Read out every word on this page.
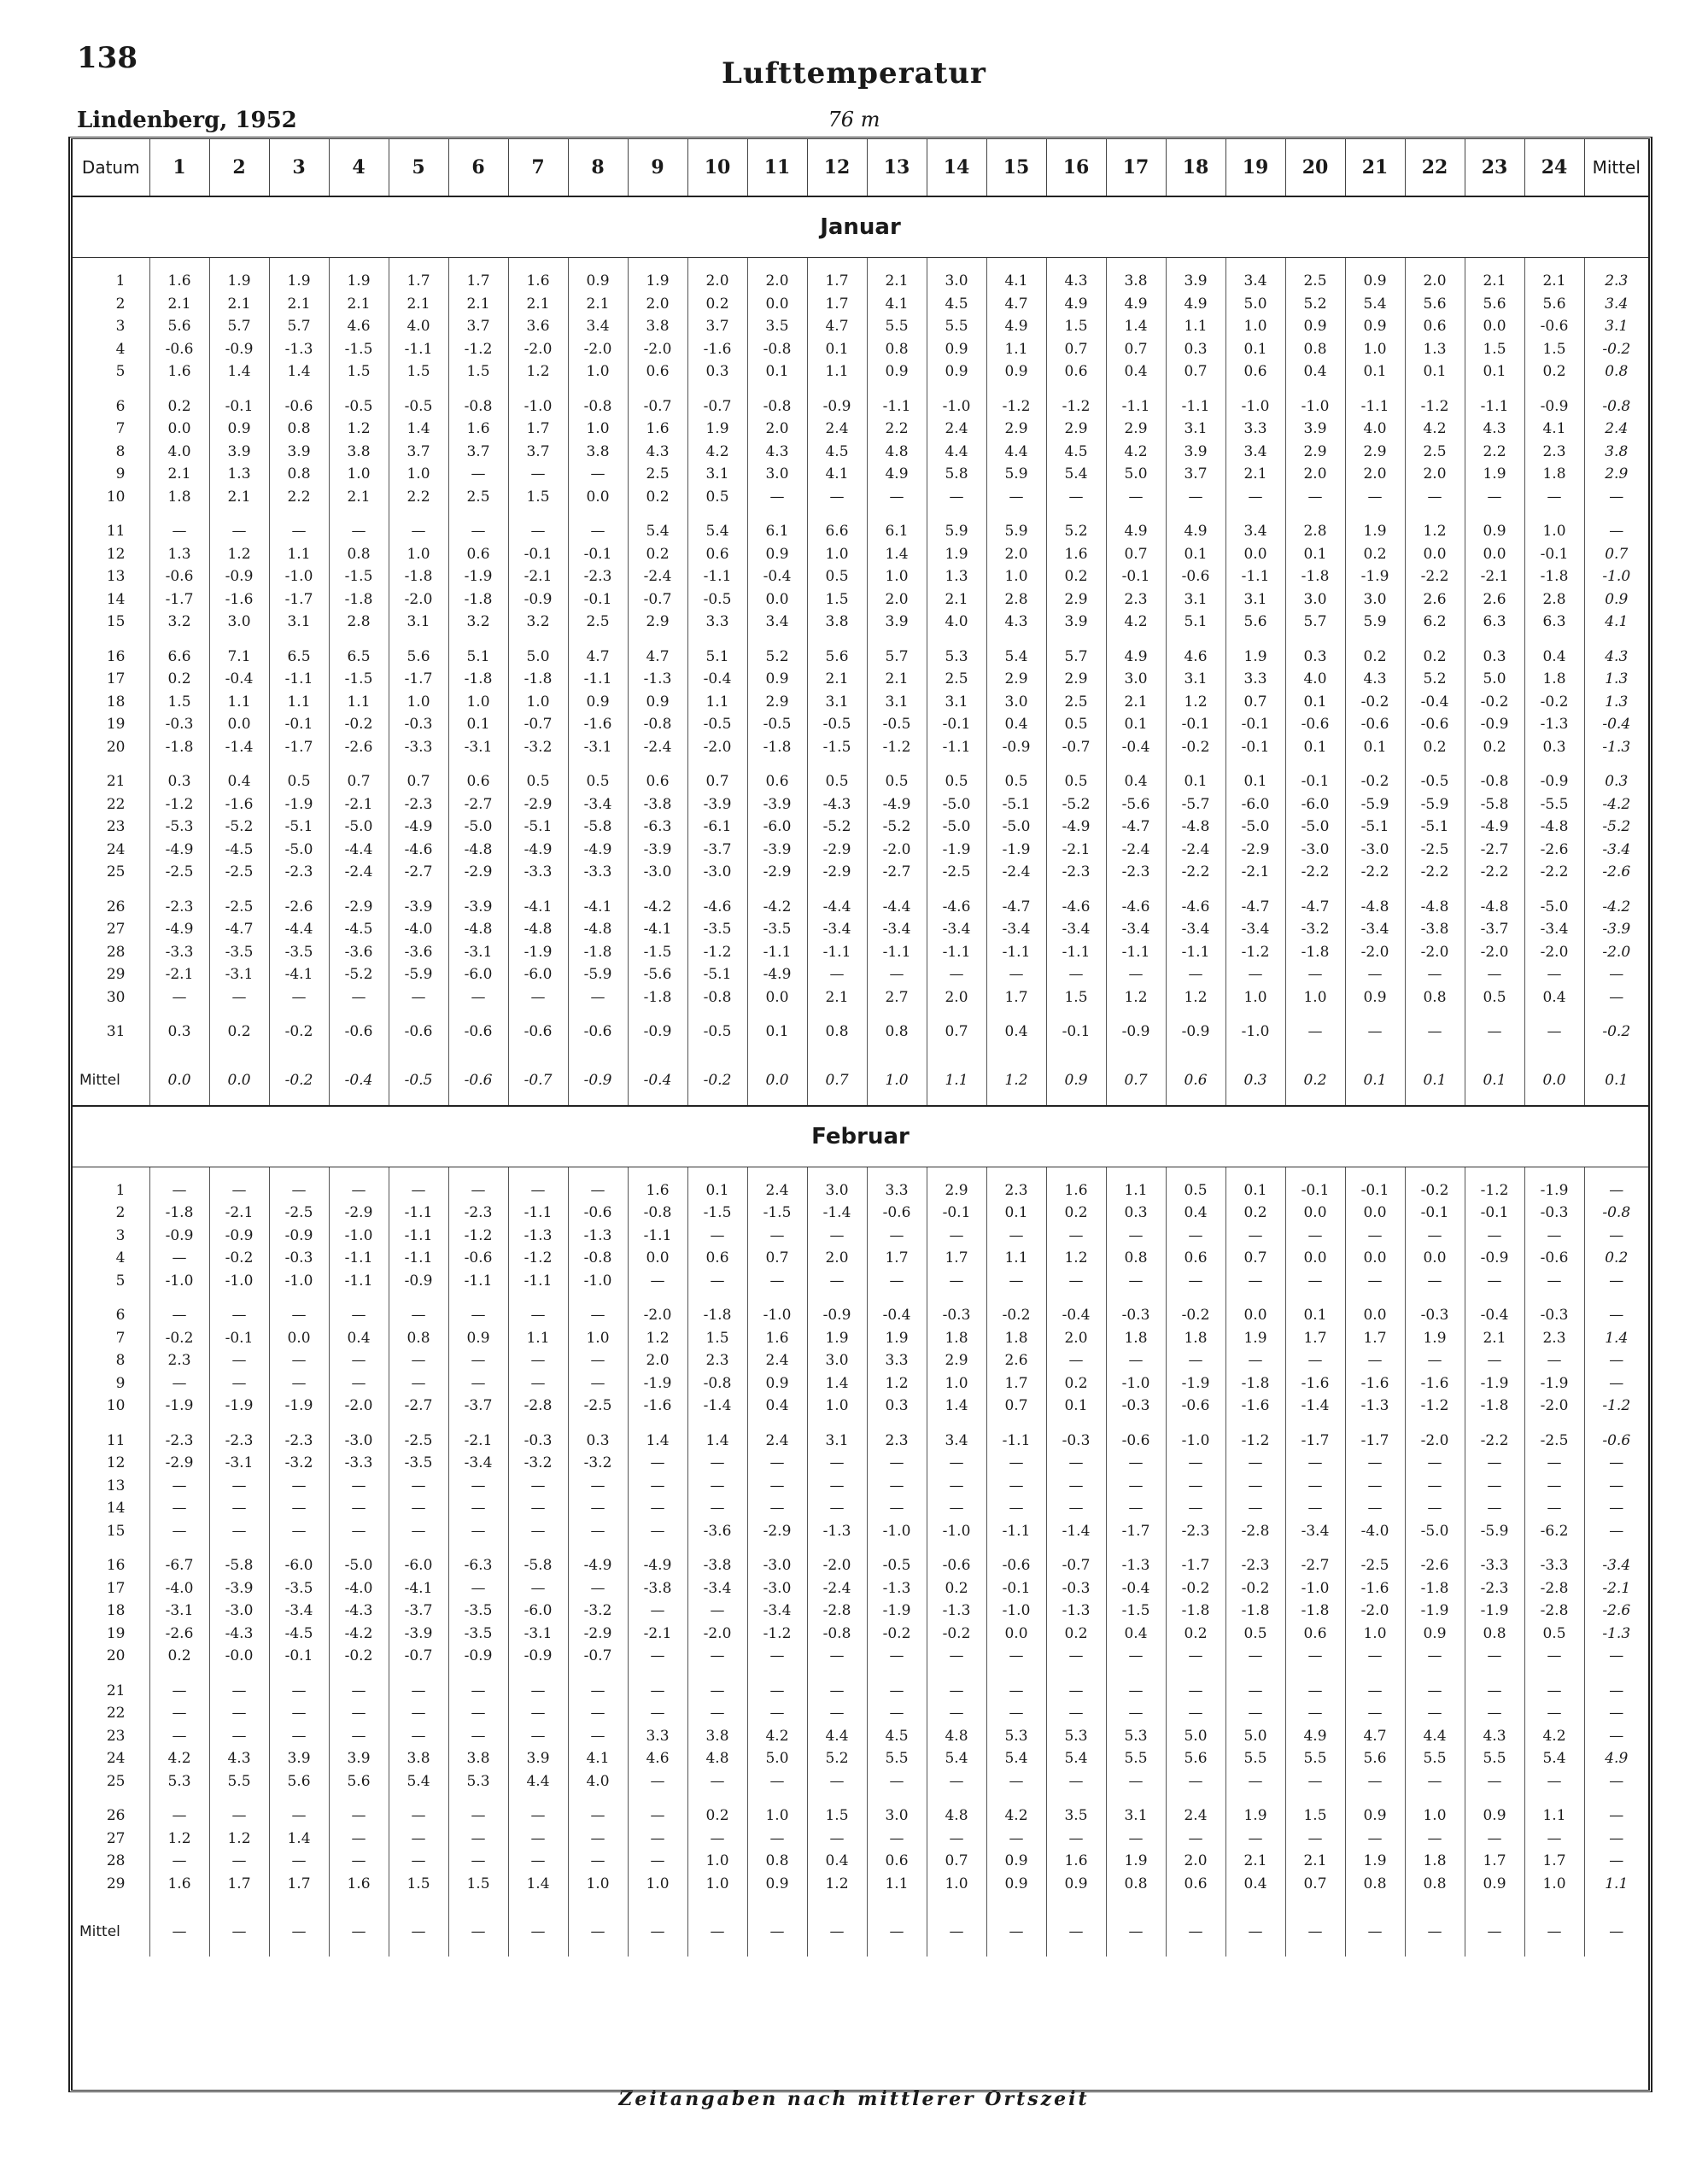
138	Lufttemperatur
Lindenberg, 1952	76 m
Datum	1	2	3	4	5	6	7	8	9	10	11	12	13	14	15	16	17	18	19	20	21	22	23	24	Mittel
Januar																									

1	1.6	1.9	1.9	1.9	1.7	1.7	1.6	0.9	1.9	2.0	2.0	1.7	2.1	3.0	4.1	4.3	3.8	3.9	3.4	2.5	0.9	2.0	2.1	2.1	2.3
2	2.1	2.1	2.1	2.1	2.1	2.1	2.1	2.1	2.0	0.2	0.0	1.7	4.1	4.5	4.7	4.9	4.9	4.9	5.0	5.2	5.4	5.6	5.6	5.6	3.4
3	5.6	5.7	5.7	4.6	4.0	3.7	3.6	3.4	3.8	3.7	3.5	4.7	5.5	5.5	4.9	1.5	1.4	1.1	1.0	0.9	0.9	0.6	0.0	-0.6	3.1
4	-0.6	-0.9	-1.3	-1.5	-1.1	-1.2	-2.0	-2.0	-2.0	-1.6	-0.8	0.1	0.8	0.9	1.1	0.7	0.7	0.3	0.1	0.8	1.0	1.3	1.5	1.5	-0.2
5	1.6	1.4	1.4	1.5	1.5	1.5	1.2	1.0	0.6	0.3	0.1	1.1	0.9	0.9	0.9	0.6	0.4	0.7	0.6	0.4	0.1	0.1	0.1	0.2	0.8

6	0.2	-0.1	-0.6	-0.5	-0.5	-0.8	-1.0	-0.8	-0.7	-0.7	-0.8	-0.9	-1.1	-1.0	-1.2	-1.2	-1.1	-1.1	-1.0	-1.0	-1.1	-1.2	-1.1	-0.9	-0.8
7	0.0	0.9	0.8	1.2	1.4	1.6	1.7	1.0	1.6	1.9	2.0	2.4	2.2	2.4	2.9	2.9	2.9	3.1	3.3	3.9	4.0	4.2	4.3	4.1	2.4
8	4.0	3.9	3.9	3.8	3.7	3.7	3.7	3.8	4.3	4.2	4.3	4.5	4.8	4.4	4.4	4.5	4.2	3.9	3.4	2.9	2.9	2.5	2.2	2.3	3.8
9	2.1	1.3	0.8	1.0	1.0	—	—	—	2.5	3.1	3.0	4.1	4.9	5.8	5.9	5.4	5.0	3.7	2.1	2.0	2.0	2.0	1.9	1.8	2.9
10	1.8	2.1	2.2	2.1	2.2	2.5	1.5	0.0	0.2	0.5	—	—	—	—	—	—	—	—	—	—	—	—	—	—	—

11	—	—	—	—	—	—	—	—	5.4	5.4	6.1	6.6	6.1	5.9	5.9	5.2	4.9	4.9	3.4	2.8	1.9	1.2	0.9	1.0	—
12	1.3	1.2	1.1	0.8	1.0	0.6	-0.1	-0.1	0.2	0.6	0.9	1.0	1.4	1.9	2.0	1.6	0.7	0.1	0.0	0.1	0.2	0.0	0.0	-0.1	0.7
13	-0.6	-0.9	-1.0	-1.5	-1.8	-1.9	-2.1	-2.3	-2.4	-1.1	-0.4	0.5	1.0	1.3	1.0	0.2	-0.1	-0.6	-1.1	-1.8	-1.9	-2.2	-2.1	-1.8	-1.0
14	-1.7	-1.6	-1.7	-1.8	-2.0	-1.8	-0.9	-0.1	-0.7	-0.5	0.0	1.5	2.0	2.1	2.8	2.9	2.3	3.1	3.1	3.0	3.0	2.6	2.6	2.8	0.9
15	3.2	3.0	3.1	2.8	3.1	3.2	3.2	2.5	2.9	3.3	3.4	3.8	3.9	4.0	4.3	3.9	4.2	5.1	5.6	5.7	5.9	6.2	6.3	6.3	4.1

16	6.6	7.1	6.5	6.5	5.6	5.1	5.0	4.7	4.7	5.1	5.2	5.6	5.7	5.3	5.4	5.7	4.9	4.6	1.9	0.3	0.2	0.2	0.3	0.4	4.3
17	0.2	-0.4	-1.1	-1.5	-1.7	-1.8	-1.8	-1.1	-1.3	-0.4	0.9	2.1	2.1	2.5	2.9	2.9	3.0	3.1	3.3	4.0	4.3	5.2	5.0	1.8	1.3
18	1.5	1.1	1.1	1.1	1.0	1.0	1.0	0.9	0.9	1.1	2.9	3.1	3.1	3.1	3.0	2.5	2.1	1.2	0.7	0.1	-0.2	-0.4	-0.2	-0.2	1.3
19	-0.3	0.0	-0.1	-0.2	-0.3	0.1	-0.7	-1.6	-0.8	-0.5	-0.5	-0.5	-0.5	-0.1	0.4	0.5	0.1	-0.1	-0.1	-0.6	-0.6	-0.6	-0.9	-1.3	-0.4
20	-1.8	-1.4	-1.7	-2.6	-3.3	-3.1	-3.2	-3.1	-2.4	-2.0	-1.8	-1.5	-1.2	-1.1	-0.9	-0.7	-0.4	-0.2	-0.1	0.1	0.1	0.2	0.2	0.3	-1.3

21	0.3	0.4	0.5	0.7	0.7	0.6	0.5	0.5	0.6	0.7	0.6	0.5	0.5	0.5	0.5	0.5	0.4	0.1	0.1	-0.1	-0.2	-0.5	-0.8	-0.9	0.3
22	-1.2	-1.6	-1.9	-2.1	-2.3	-2.7	-2.9	-3.4	-3.8	-3.9	-3.9	-4.3	-4.9	-5.0	-5.1	-5.2	-5.6	-5.7	-6.0	-6.0	-5.9	-5.9	-5.8	-5.5	-4.2
23	-5.3	-5.2	-5.1	-5.0	-4.9	-5.0	-5.1	-5.8	-6.3	-6.1	-6.0	-5.2	-5.2	-5.0	-5.0	-4.9	-4.7	-4.8	-5.0	-5.0	-5.1	-5.1	-4.9	-4.8	-5.2
24	-4.9	-4.5	-5.0	-4.4	-4.6	-4.8	-4.9	-4.9	-3.9	-3.7	-3.9	-2.9	-2.0	-1.9	-1.9	-2.1	-2.4	-2.4	-2.9	-3.0	-3.0	-2.5	-2.7	-2.6	-3.4
25	-2.5	-2.5	-2.3	-2.4	-2.7	-2.9	-3.3	-3.3	-3.0	-3.0	-2.9	-2.9	-2.7	-2.5	-2.4	-2.3	-2.3	-2.2	-2.1	-2.2	-2.2	-2.2	-2.2	-2.2	-2.6

26	-2.3	-2.5	-2.6	-2.9	-3.9	-3.9	-4.1	-4.1	-4.2	-4.6	-4.2	-4.4	-4.4	-4.6	-4.7	-4.6	-4.6	-4.6	-4.7	-4.7	-4.8	-4.8	-4.8	-5.0	-4.2
27	-4.9	-4.7	-4.4	-4.5	-4.0	-4.8	-4.8	-4.8	-4.1	-3.5	-3.5	-3.4	-3.4	-3.4	-3.4	-3.4	-3.4	-3.4	-3.4	-3.2	-3.4	-3.8	-3.7	-3.4	-3.9
28	-3.3	-3.5	-3.5	-3.6	-3.6	-3.1	-1.9	-1.8	-1.5	-1.2	-1.1	-1.1	-1.1	-1.1	-1.1	-1.1	-1.1	-1.1	-1.2	-1.8	-2.0	-2.0	-2.0	-2.0	-2.0
29	-2.1	-3.1	-4.1	-5.2	-5.9	-6.0	-6.0	-5.9	-5.6	-5.1	-4.9	—	—	—	—	—	—	—	—	—	—	—	—	—	—
30	—	—	—	—	—	—	—	—	-1.8	-0.8	0.0	2.1	2.7	2.0	1.7	1.5	1.2	1.2	1.0	1.0	0.9	0.8	0.5	0.4	—

31	0.3	0.2	-0.2	-0.6	-0.6	-0.6	-0.6	-0.6	-0.9	-0.5	0.1	0.8	0.8	0.7	0.4	-0.1	-0.9	-0.9	-1.0	—	—	—	—	—	-0.2

Mittel	0.0	0.0	-0.2	-0.4	-0.5	-0.6	-0.7	-0.9	-0.4	-0.2	0.0	0.7	1.0	1.1	1.2	0.9	0.7	0.6	0.3	0.2	0.1	0.1	0.1	0.0	0.1
Februar																									

1	—	—	—	—	—	—	—	—	1.6	0.1	2.4	3.0	3.3	2.9	2.3	1.6	1.1	0.5	0.1	-0.1	-0.1	-0.2	-1.2	-1.9	—
2	-1.8	-2.1	-2.5	-2.9	-1.1	-2.3	-1.1	-0.6	-0.8	-1.5	-1.5	-1.4	-0.6	-0.1	0.1	0.2	0.3	0.4	0.2	0.0	0.0	-0.1	-0.1	-0.3	-0.8
3	-0.9	-0.9	-0.9	-1.0	-1.1	-1.2	-1.3	-1.3	-1.1	—	—	—	—	—	—	—	—	—	—	—	—	—	—	—	—
4	—	-0.2	-0.3	-1.1	-1.1	-0.6	-1.2	-0.8	0.0	0.6	0.7	2.0	1.7	1.7	1.1	1.2	0.8	0.6	0.7	0.0	0.0	0.0	-0.9	-0.6	0.2
5	-1.0	-1.0	-1.0	-1.1	-0.9	-1.1	-1.1	-1.0	—	—	—	—	—	—	—	—	—	—	—	—	—	—	—	—	—

6	—	—	—	—	—	—	—	—	-2.0	-1.8	-1.0	-0.9	-0.4	-0.3	-0.2	-0.4	-0.3	-0.2	0.0	0.1	0.0	-0.3	-0.4	-0.3	—
7	-0.2	-0.1	0.0	0.4	0.8	0.9	1.1	1.0	1.2	1.5	1.6	1.9	1.9	1.8	1.8	2.0	1.8	1.8	1.9	1.7	1.7	1.9	2.1	2.3	1.4
8	2.3	—	—	—	—	—	—	—	2.0	2.3	2.4	3.0	3.3	2.9	2.6	—	—	—	—	—	—	—	—	—	—
9	—	—	—	—	—	—	—	—	-1.9	-0.8	0.9	1.4	1.2	1.0	1.7	0.2	-1.0	-1.9	-1.8	-1.6	-1.6	-1.6	-1.9	-1.9	—
10	-1.9	-1.9	-1.9	-2.0	-2.7	-3.7	-2.8	-2.5	-1.6	-1.4	0.4	1.0	0.3	1.4	0.7	0.1	-0.3	-0.6	-1.6	-1.4	-1.3	-1.2	-1.8	-2.0	-1.2

11	-2.3	-2.3	-2.3	-3.0	-2.5	-2.1	-0.3	0.3	1.4	1.4	2.4	3.1	2.3	3.4	-1.1	-0.3	-0.6	-1.0	-1.2	-1.7	-1.7	-2.0	-2.2	-2.5	-0.6
12	-2.9	-3.1	-3.2	-3.3	-3.5	-3.4	-3.2	-3.2	—	—	—	—	—	—	—	—	—	—	—	—	—	—	—	—	—
13	—	—	—	—	—	—	—	—	—	—	—	—	—	—	—	—	—	—	—	—	—	—	—	—	—
14	—	—	—	—	—	—	—	—	—	—	—	—	—	—	—	—	—	—	—	—	—	—	—	—	—
15	—	—	—	—	—	—	—	—	—	-3.6	-2.9	-1.3	-1.0	-1.0	-1.1	-1.4	-1.7	-2.3	-2.8	-3.4	-4.0	-5.0	-5.9	-6.2	—

16	-6.7	-5.8	-6.0	-5.0	-6.0	-6.3	-5.8	-4.9	-4.9	-3.8	-3.0	-2.0	-0.5	-0.6	-0.6	-0.7	-1.3	-1.7	-2.3	-2.7	-2.5	-2.6	-3.3	-3.3	-3.4
17	-4.0	-3.9	-3.5	-4.0	-4.1	—	—	—	-3.8	-3.4	-3.0	-2.4	-1.3	0.2	-0.1	-0.3	-0.4	-0.2	-0.2	-1.0	-1.6	-1.8	-2.3	-2.8	-2.1
18	-3.1	-3.0	-3.4	-4.3	-3.7	-3.5	-6.0	-3.2	—	—	-3.4	-2.8	-1.9	-1.3	-1.0	-1.3	-1.5	-1.8	-1.8	-1.8	-2.0	-1.9	-1.9	-2.8	-2.6
19	-2.6	-4.3	-4.5	-4.2	-3.9	-3.5	-3.1	-2.9	-2.1	-2.0	-1.2	-0.8	-0.2	-0.2	0.0	0.2	0.4	0.2	0.5	0.6	1.0	0.9	0.8	0.5	-1.3
20	0.2	-0.0	-0.1	-0.2	-0.7	-0.9	-0.9	-0.7	—	—	—	—	—	—	—	—	—	—	—	—	—	—	—	—	—

21	—	—	—	—	—	—	—	—	—	—	—	—	—	—	—	—	—	—	—	—	—	—	—	—	—
22	—	—	—	—	—	—	—	—	—	—	—	—	—	—	—	—	—	—	—	—	—	—	—	—	—
23	—	—	—	—	—	—	—	—	3.3	3.8	4.2	4.4	4.5	4.8	5.3	5.3	5.3	5.0	5.0	4.9	4.7	4.4	4.3	4.2	—
24	4.2	4.3	3.9	3.9	3.8	3.8	3.9	4.1	4.6	4.8	5.0	5.2	5.5	5.4	5.4	5.4	5.5	5.6	5.5	5.5	5.6	5.5	5.5	5.4	4.9
25	5.3	5.5	5.6	5.6	5.4	5.3	4.4	4.0	—	—	—	—	—	—	—	—	—	—	—	—	—	—	—	—	—

26	—	—	—	—	—	—	—	—	—	0.2	1.0	1.5	3.0	4.8	4.2	3.5	3.1	2.4	1.9	1.5	0.9	1.0	0.9	1.1	—
27	1.2	1.2	1.4	—	—	—	—	—	—	—	—	—	—	—	—	—	—	—	—	—	—	—	—	—	—
28	—	—	—	—	—	—	—	—	—	1.0	0.8	0.4	0.6	0.7	0.9	1.6	1.9	2.0	2.1	2.1	1.9	1.8	1.7	1.7	—
29	1.6	1.7	1.7	1.6	1.5	1.5	1.4	1.0	1.0	1.0	0.9	1.2	1.1	1.0	0.9	0.9	0.8	0.6	0.4	0.7	0.8	0.8	0.9	1.0	1.1

Mittel	—	—	—	—	—	—	—	—	—	—	—	—	—	—	—	—	—	—	—	—	—	—	—	—	—
Zeitangaben nach mittlerer Ortszeit
